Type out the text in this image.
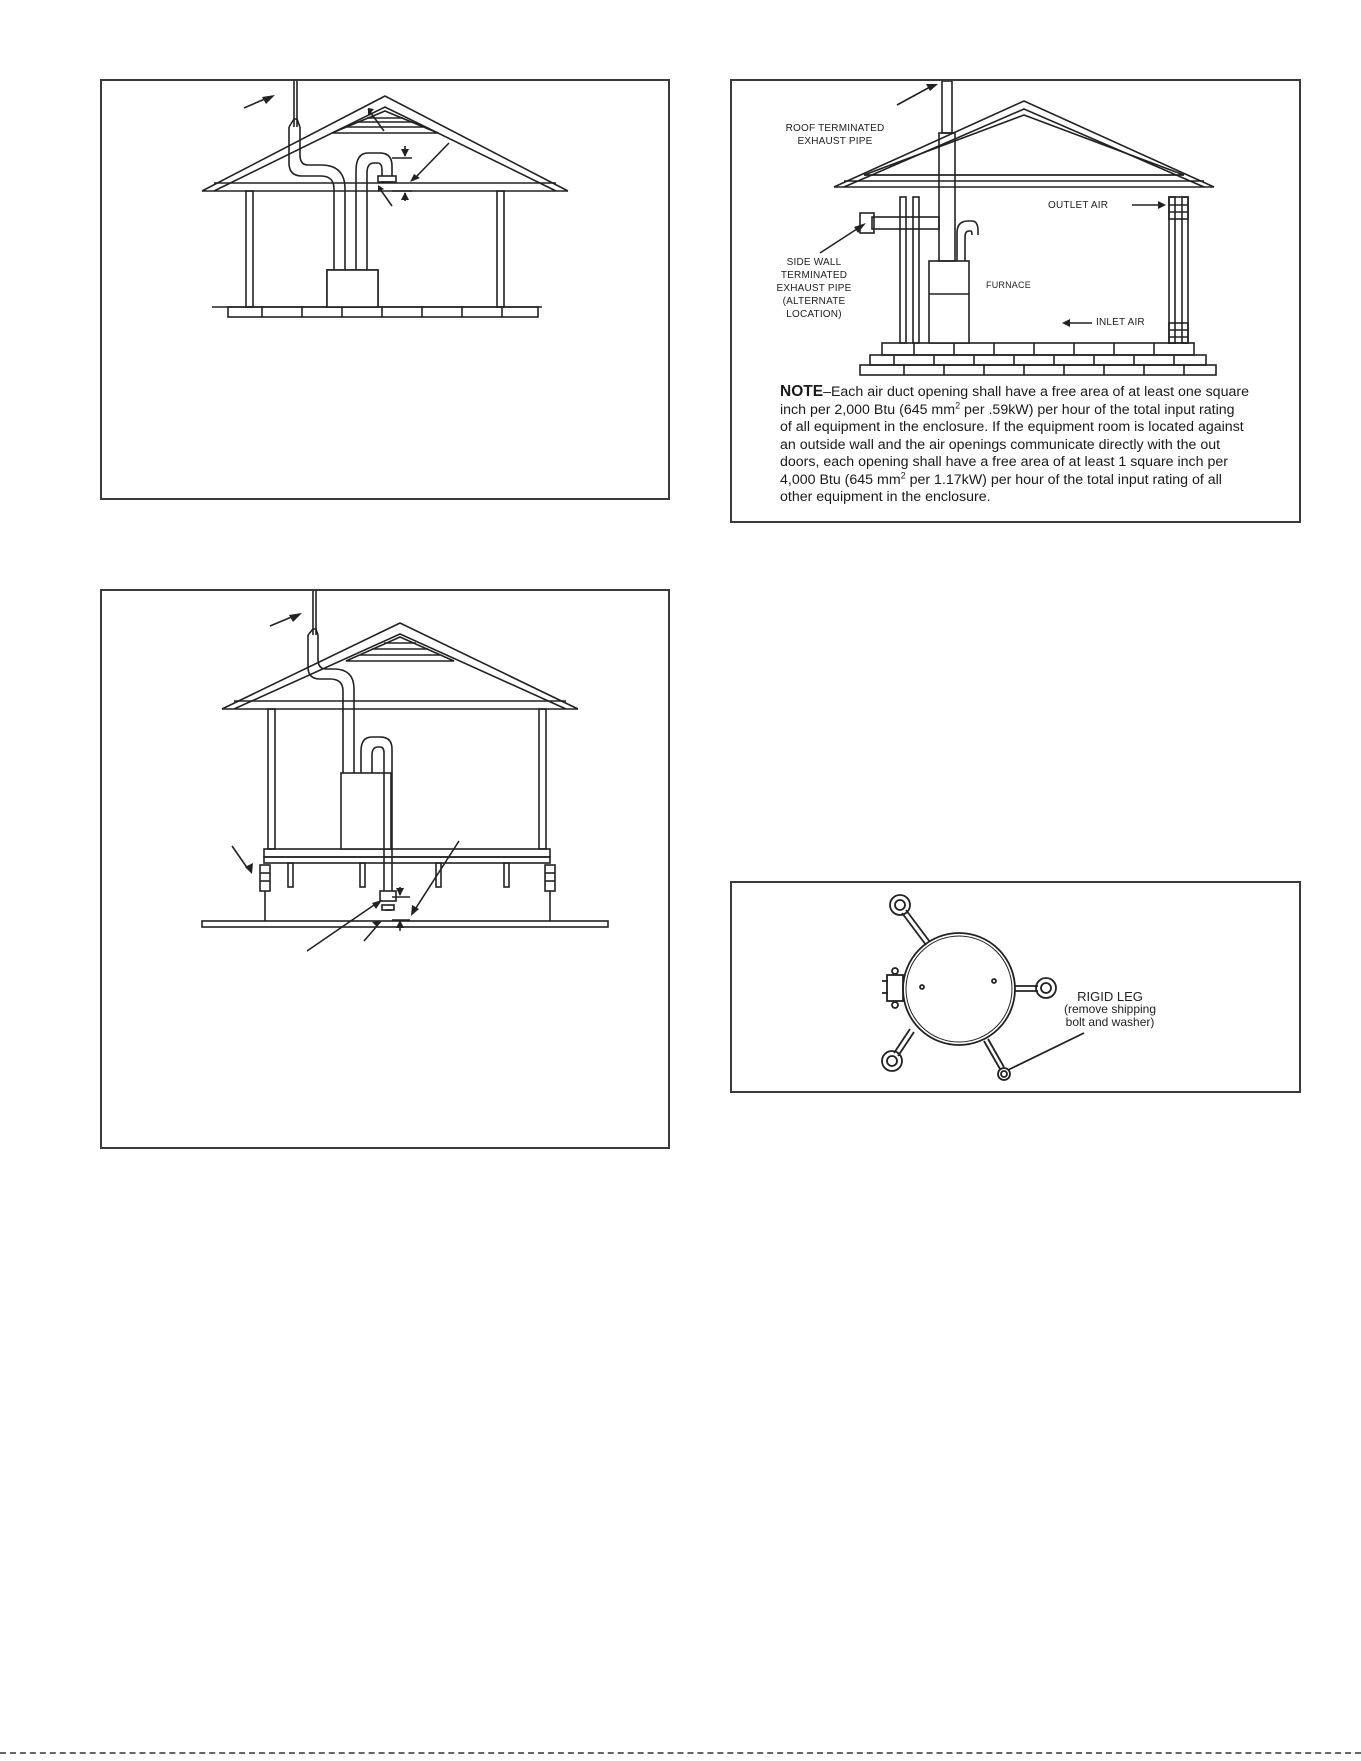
ROOF TERMINATED
EXHAUST PIPE
OUTLET AIR
FURNACE
INLET AIR
SIDE WALL
TERMINATED
EXHAUST PIPE
(ALTERNATE
LOCATION)

NOTE–Each air duct opening shall have a free area of at least one square inch per 2,000 Btu (645 $mm^2$ per .59kW) per hour of the total input rating of all equipment in the enclosure. If the equipment room is located against an outside wall and the air openings communicate directly with the out doors, each opening shall have a free area of at least 1 square inch per 4,000 Btu (645 $mm^2$ per 1.17kW) per hour of the total input rating of all other equipment in the enclosure.

RIGID LEG
(remove shipping
bolt and washer)
